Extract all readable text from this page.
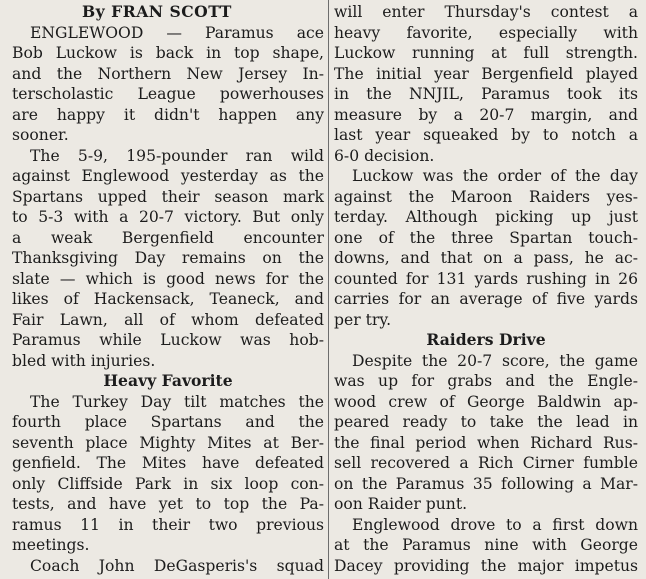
By FRAN SCOTT
ENGLEWOOD — Paramus ace
Bob Luckow is back in top shape,
and the Northern New Jersey In-
terscholastic League powerhouses
are happy it didn't happen any
sooner.
The 5-9, 195-pounder ran wild
against Englewood yesterday as the
Spartans upped their season mark
to 5-3 with a 20-7 victory. But only
a weak Bergenfield encounter
Thanksgiving Day remains on the
slate — which is good news for the
likes of Hackensack, Teaneck, and
Fair Lawn, all of whom defeated
Paramus while Luckow was hob-
bled with injuries.
Heavy Favorite
The Turkey Day tilt matches the
fourth place Spartans and the
seventh place Mighty Mites at Ber-
genfield. The Mites have defeated
only Cliffside Park in six loop con-
tests, and have yet to top the Pa-
ramus 11 in their two previous
meetings.
Coach John DeGasperis's squad
will enter Thursday's contest a
heavy favorite, especially with
Luckow running at full strength.
The initial year Bergenfield played
in the NNJIL, Paramus took its
measure by a 20-7 margin, and
last year squeaked by to notch a
6-0 decision.
Luckow was the order of the day
against the Maroon Raiders yes-
terday. Although picking up just
one of the three Spartan touch-
downs, and that on a pass, he ac-
counted for 131 yards rushing in 26
carries for an average of five yards
per try.
Raiders Drive
Despite the 20-7 score, the game
was up for grabs and the Engle-
wood crew of George Baldwin ap-
peared ready to take the lead in
the final period when Richard Rus-
sell recovered a Rich Cirner fumble
on the Paramus 35 following a Mar-
oon Raider punt.
Englewood drove to a first down
at the Paramus nine with George
Dacey providing the major impetus
